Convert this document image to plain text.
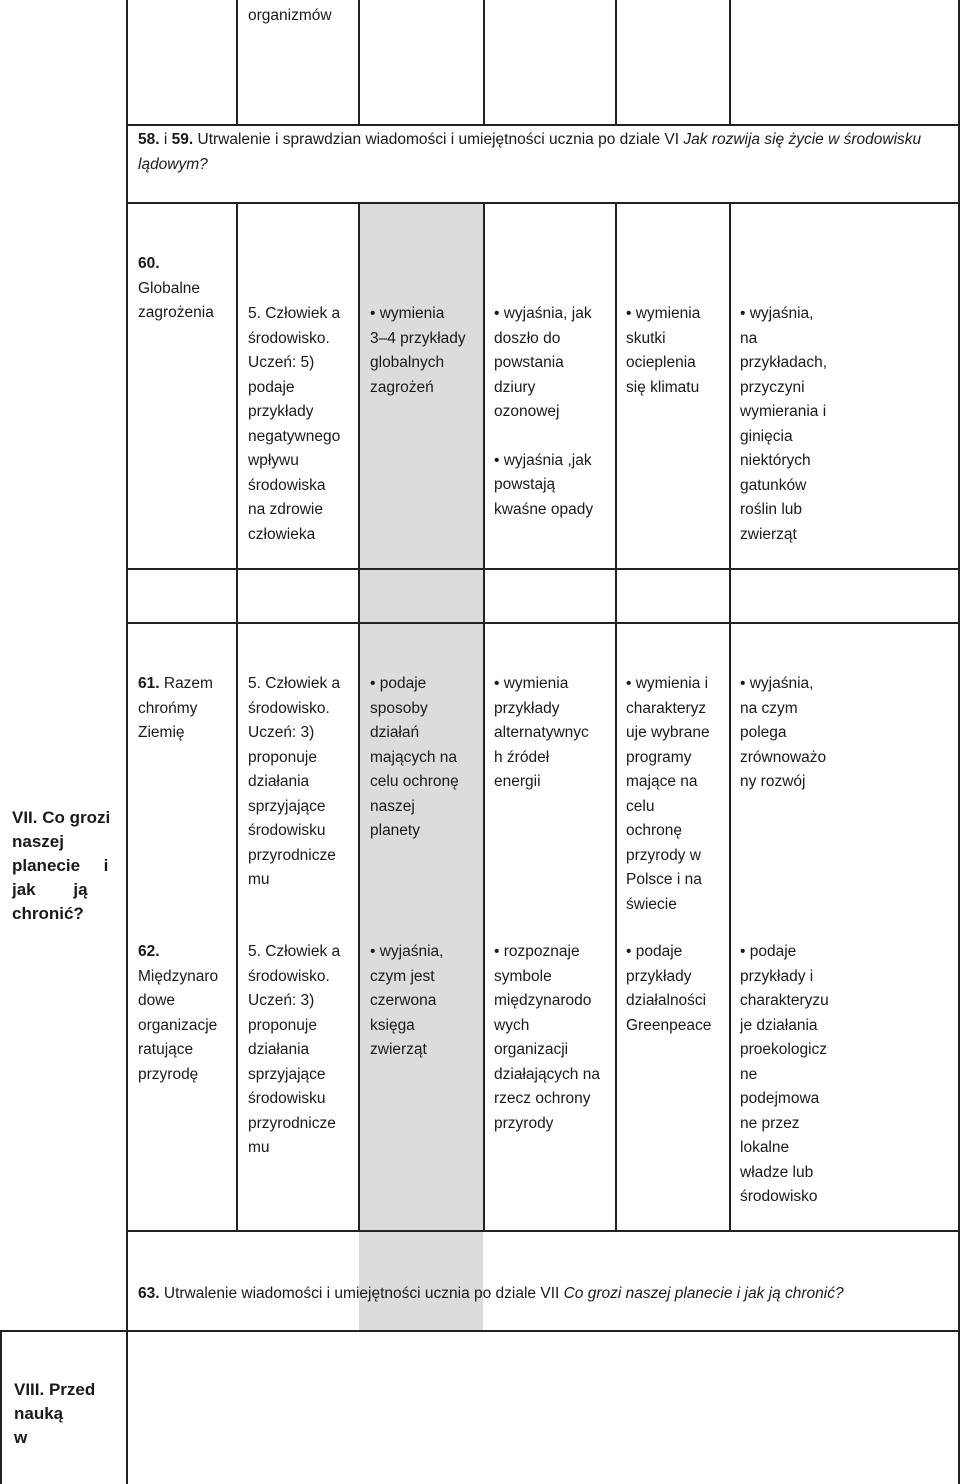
organizmów
58. i 59. Utrwalenie i sprawdzian wiadomości i umiejętności ucznia po dziale VI Jak rozwija się życie w środowisku lądowym?
60.
Globalne zagrożenia	5. Człowiek a
środowisko.
Uczeń: 5)
podaje
przykłady
negatywnego
wpływu
środowiska
na zdrowie
człowieka
• wymienia
3–4 przykłady
globalnych
zagrożeń
• wyjaśnia, jak
doszło do
powstania
dziury
ozonowej
• wyjaśnia ,jak
powstają
kwaśne opady
• wymienia
skutki
ocieplenia
się klimatu
• wyjaśnia,
na
przykładach,
przyczyni
wymierania i
ginięcia
niektórych
gatunków
roślin lub
zwierząt

VII. Co grozi
naszej
planecie     i
jak        ją
chronić?

61. Razem
chrońmy
Ziemię
5. Człowiek a
środowisko.
Uczeń: 3)
proponuje
działania
sprzyjające
środowisku
przyrodnicze
mu
• podaje
sposoby
działań
mających na
celu ochronę
naszej
planety
• wymienia
przykłady
alternatywnyc
h źródeł
energii
• wymienia i
charakteryz
uje wybrane
programy
mające na
celu
ochronę
przyrody w
Polsce i na
świecie
• wyjaśnia,
na czym
polega
zrównoważo
ny rozwój
62.
Międzynaro
dowe
organizacje
ratujące
przyrodę
5. Człowiek a
środowisko.
Uczeń: 3)
proponuje
działania
sprzyjające
środowisku
przyrodnicze
mu
• wyjaśnia,
czym jest
czerwona
księga
zwierząt
• rozpoznaje
symbole
międzynarodo
wych
organizacji
działających na
rzecz ochrony
przyrody
• podaje
przykłady
działalności
Greenpeace
• podaje
przykłady i
charakteryzu
je działania
proekologicz
ne
podejmowa
ne przez
lokalne
władze lub
środowisko
63. Utrwalenie wiadomości i umiejętności ucznia po dziale VII Co grozi naszej planecie i jak ją chronić?
VIII. Przed
nauką
w
